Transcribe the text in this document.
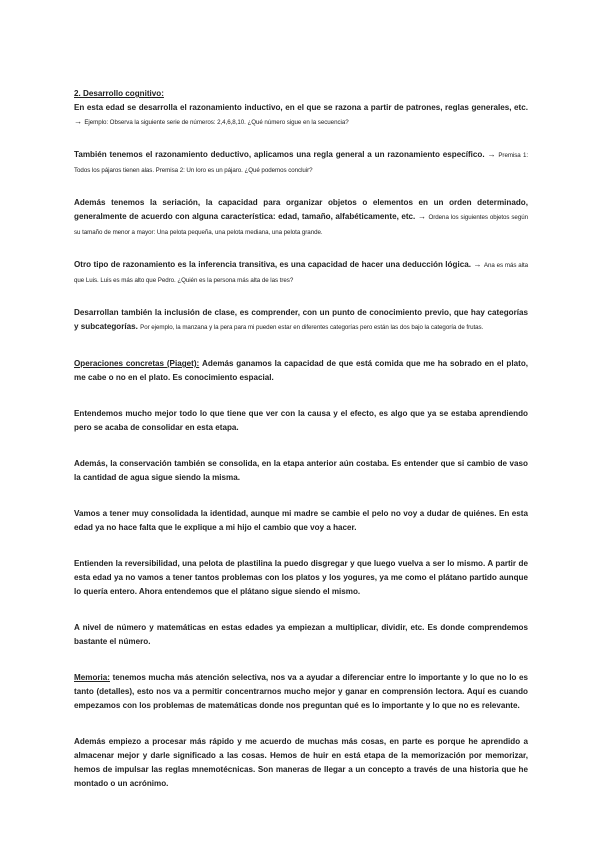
2. Desarrollo cognitivo:

En esta edad se desarrolla el razonamiento inductivo, en el que se razona a partir de patrones, reglas generales, etc. → Ejemplo: Observa la siguiente serie de números: 2,4,6,8,10. ¿Qué número sigue en la secuencia?

También tenemos el razonamiento deductivo, aplicamos una regla general a un razonamiento específico. → Premisa 1: Todos los pájaros tienen alas. Premisa 2: Un loro es un pájaro. ¿Qué podemos concluir?

Además tenemos la seriación, la capacidad para organizar objetos o elementos en un orden determinado, generalmente de acuerdo con alguna característica: edad, tamaño, alfabéticamente, etc. → Ordena los siguientes objetos según su tamaño de menor a mayor: Una pelota pequeña, una pelota mediana, una pelota grande.

Otro tipo de razonamiento es la inferencia transitiva, es una capacidad de hacer una deducción lógica. → Ana es más alta que Luis. Luis es más alto que Pedro. ¿Quién es la persona más alta de las tres?

Desarrollan también la inclusión de clase, es comprender, con un punto de conocimiento previo, que hay categorías y subcategorías. Por ejemplo, la manzana y la pera para mi pueden estar en diferentes categorías pero están las dos bajo la categoría de frutas.

Operaciones concretas (Piaget): Además ganamos la capacidad de que está comida que me ha sobrado en el plato, me cabe o no en el plato. Es conocimiento espacial.

Entendemos mucho mejor todo lo que tiene que ver con la causa y el efecto, es algo que ya se estaba aprendiendo pero se acaba de consolidar en esta etapa.

Además, la conservación también se consolida, en la etapa anterior aún costaba. Es entender que si cambio de vaso la cantidad de agua sigue siendo la misma.

Vamos a tener muy consolidada la identidad, aunque mi madre se cambie el pelo no voy a dudar de quiénes. En esta edad ya no hace falta que le explique a mi hijo el cambio que voy a hacer.

Entienden la reversibilidad, una pelota de plastilina la puedo disgregar y que luego vuelva a ser lo mismo. A partir de esta edad ya no vamos a tener tantos problemas con los platos y los yogures, ya me como el plátano partido aunque lo quería entero. Ahora entendemos que el plátano sigue siendo el mismo.

A nivel de número y matemáticas en estas edades ya empiezan a multiplicar, dividir, etc. Es donde comprendemos bastante el número.

Memoria: tenemos mucha más atención selectiva, nos va a ayudar a diferenciar entre lo importante y lo que no lo es tanto (detalles), esto nos va a permitir concentrarnos mucho mejor y ganar en comprensión lectora. Aquí es cuando empezamos con los problemas de matemáticas donde nos preguntan qué es lo importante y lo que no es relevante.

Además empiezo a procesar más rápido y me acuerdo de muchas más cosas, en parte es porque he aprendido a almacenar mejor y darle significado a las cosas. Hemos de huir en está etapa de la memorización por memorizar, hemos de impulsar las reglas mnemotécnicas. Son maneras de llegar a un concepto a través de una historia que he montado o un acrónimo.
